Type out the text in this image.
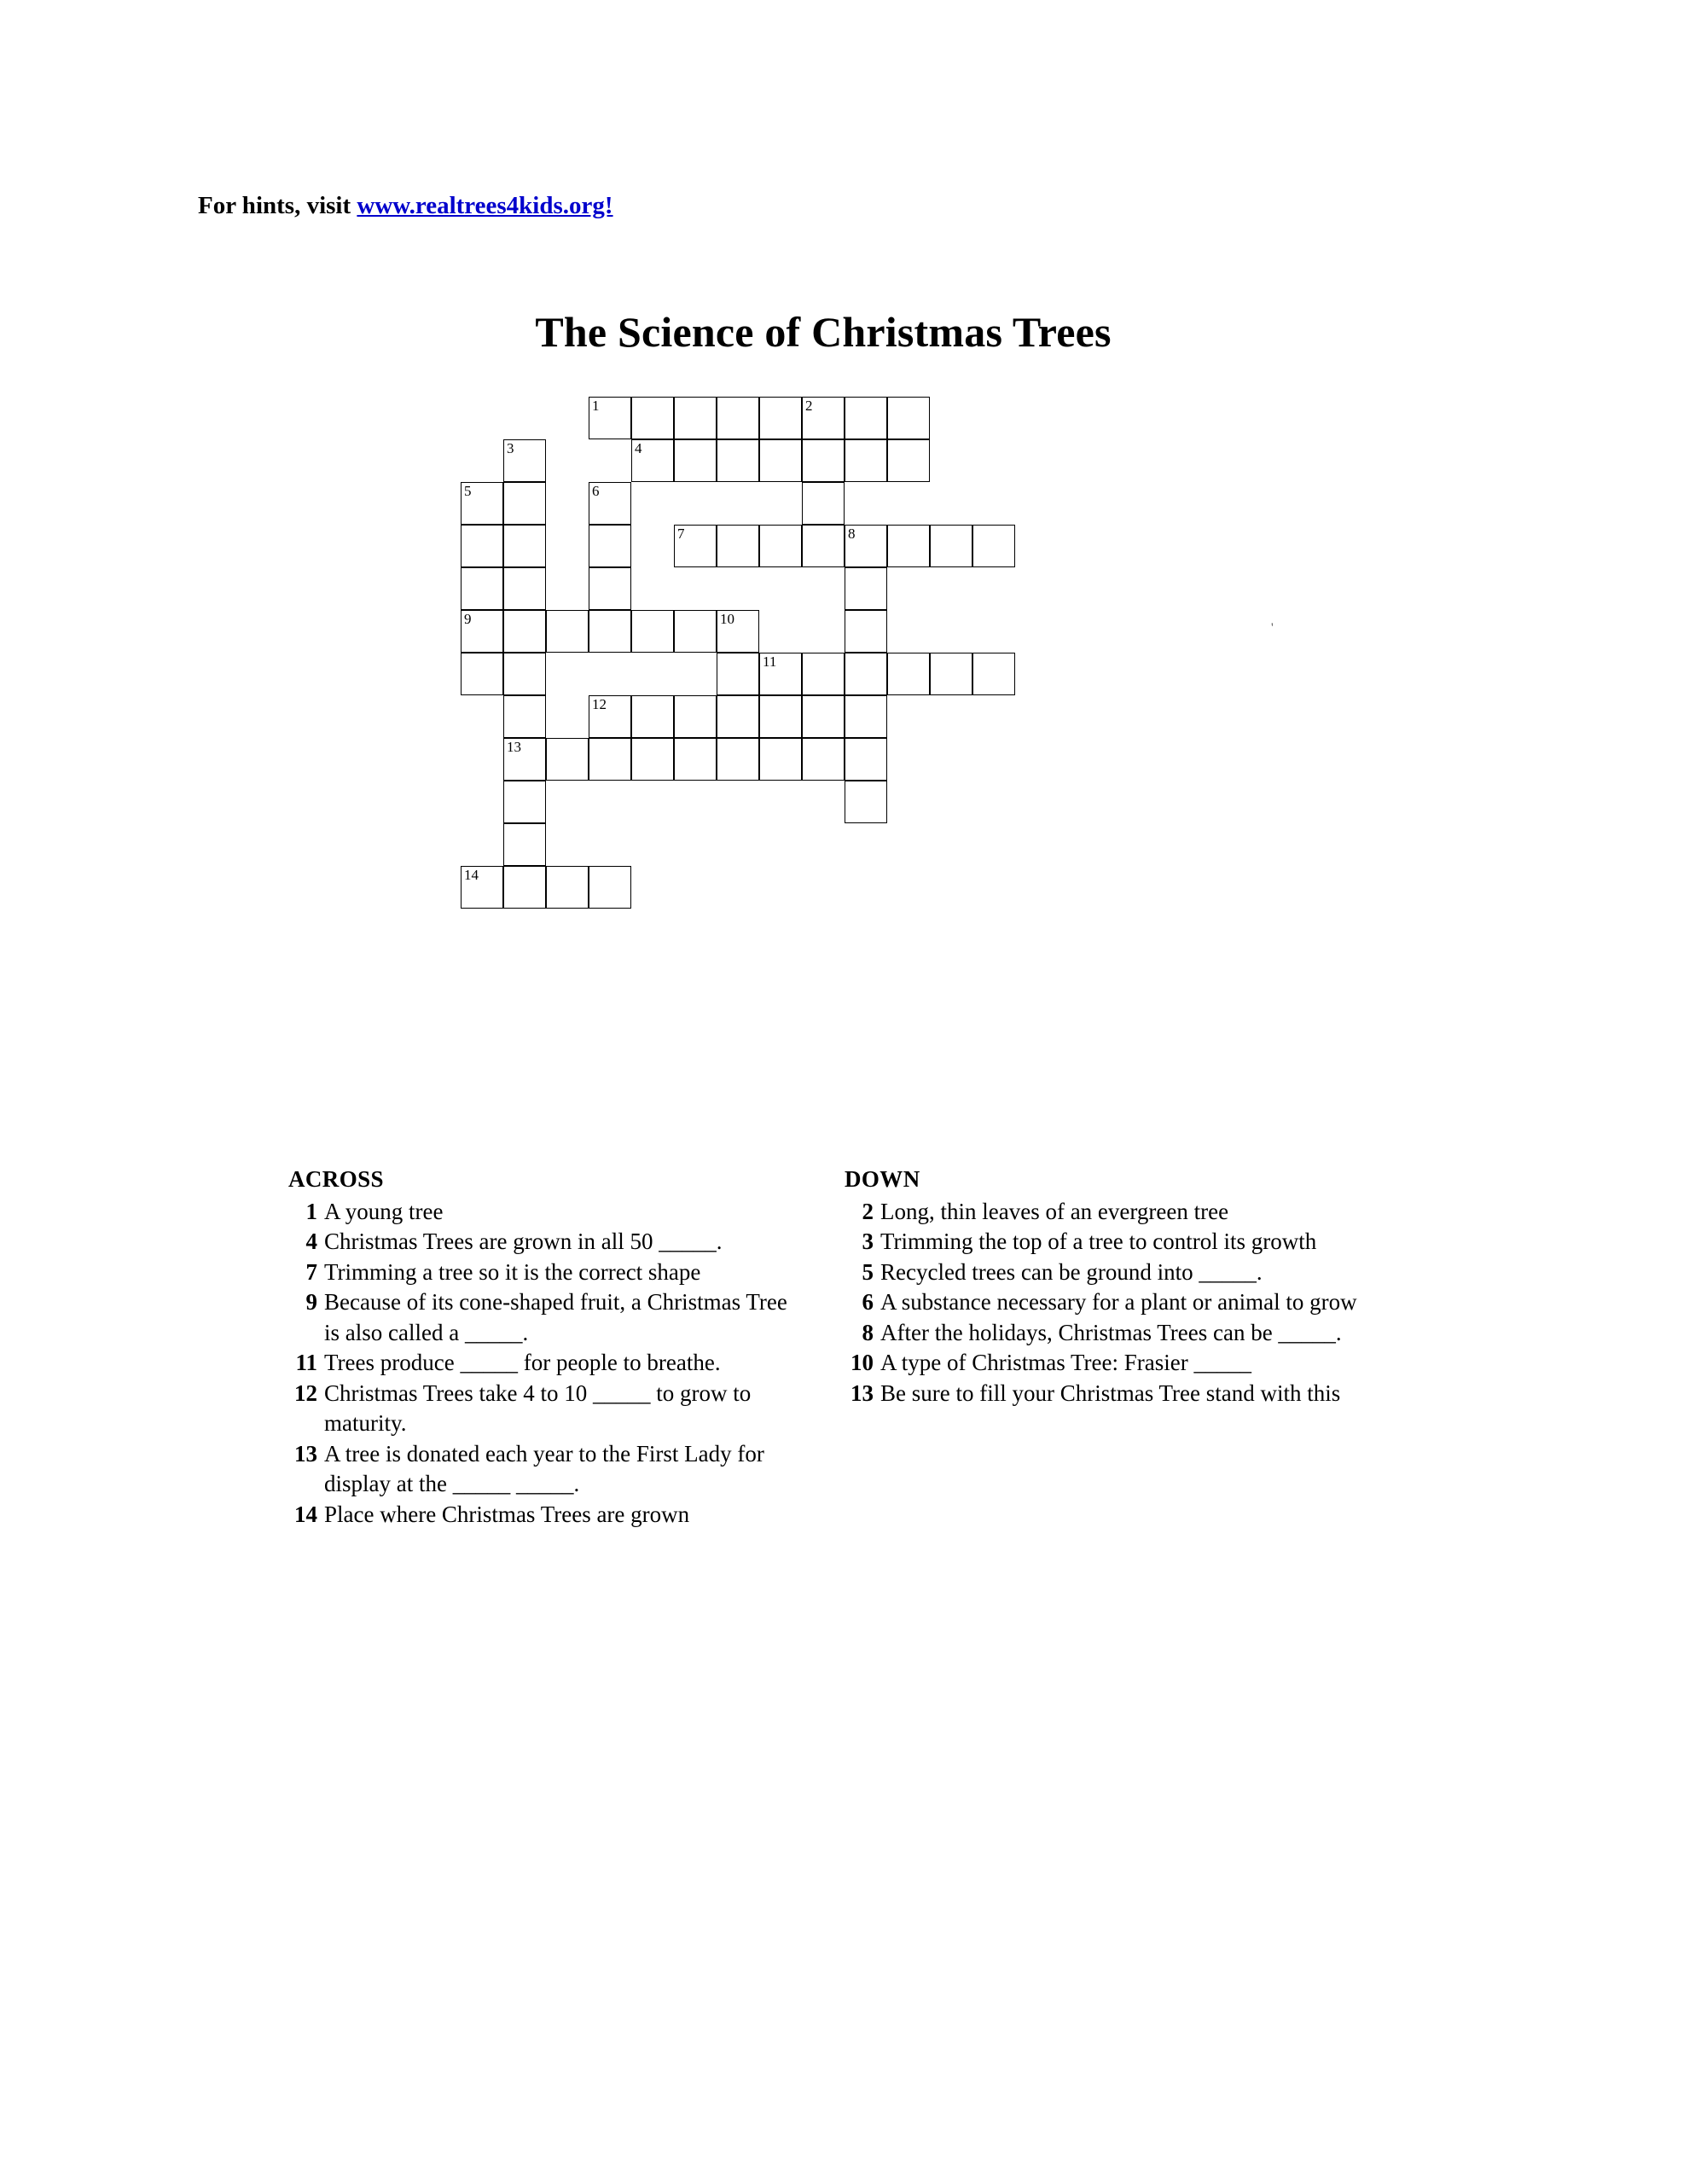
For hints, visit www.realtrees4kids.org!
The Science of Christmas Trees
1	2
3	4
5	6
7	8
9	10
11
12
13
14
'
ACROSS
1 A young tree
4 Christmas Trees are grown in all 50 _____.
7 Trimming a tree so it is the correct shape
9 Because of its cone-shaped fruit, a Christmas Tree is also called a _____.
11 Trees produce _____ for people to breathe.
12 Christmas Trees take 4 to 10 _____ to grow to maturity.
13 A tree is donated each year to the First Lady for display at the _____ _____.
14 Place where Christmas Trees are grown
DOWN
2 Long, thin leaves of an evergreen tree
3 Trimming the top of a tree to control its growth
5 Recycled trees can be ground into _____.
6 A substance necessary for a plant or animal to grow
8 After the holidays, Christmas Trees can be _____.
10 A type of Christmas Tree: Frasier _____
13 Be sure to fill your Christmas Tree stand with this
